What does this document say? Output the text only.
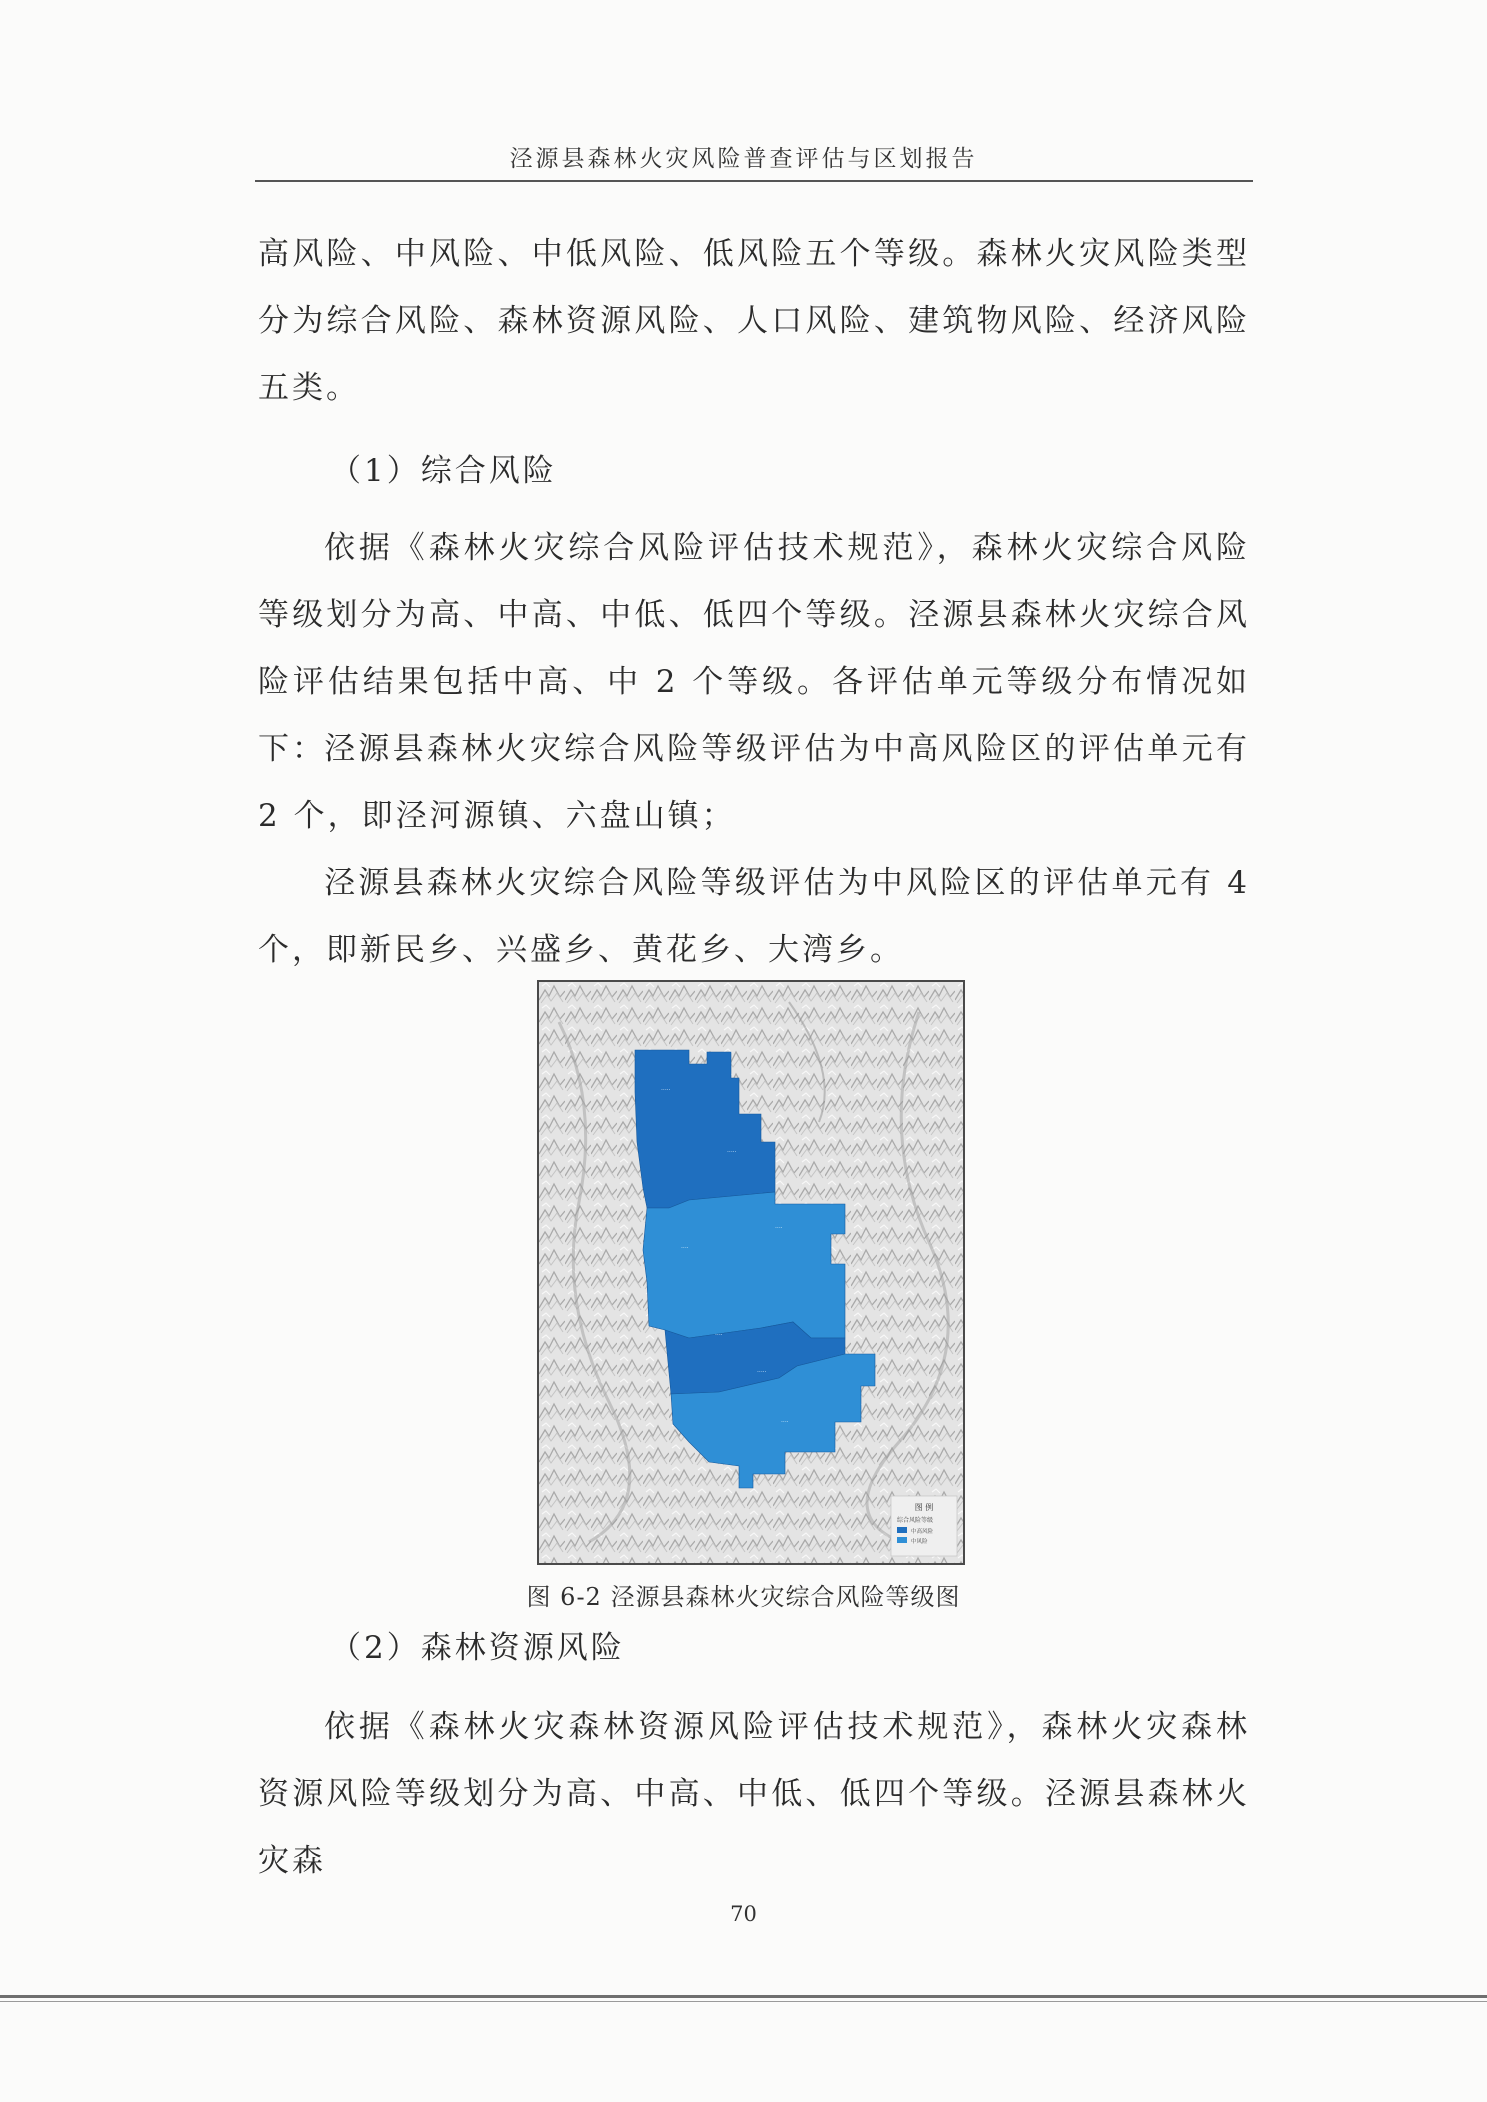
泾源县森林火灾风险普查评估与区划报告

高风险、中风险、中低风险、低风险五个等级。森林火灾风险类型分为综合风险、森林资源风险、人口风险、建筑物风险、经济风险五类。

（1）综合风险

依据《森林火灾综合风险评估技术规范》，森林火灾综合风险等级划分为高、中高、中低、低四个等级。泾源县森林火灾综合风险评估结果包括中高、中 2 个等级。各评估单元等级分布情况如下：

泾源县森林火灾综合风险等级评估为中高风险区的评估单元有 2 个，即泾河源镇、六盘山镇；

泾源县森林火灾综合风险等级评估为中风险区的评估单元有 4 个，即新民乡、兴盛乡、黄花乡、大湾乡。

·····
·····
····
····
····
·····
····
图 例
综合风险等级
中高风险
中风险
图 6-2 泾源县森林火灾综合风险等级图

（2）森林资源风险

依据《森林火灾森林资源风险评估技术规范》，森林火灾森林资源风险等级划分为高、中高、中低、低四个等级。泾源县森林火灾森

70
